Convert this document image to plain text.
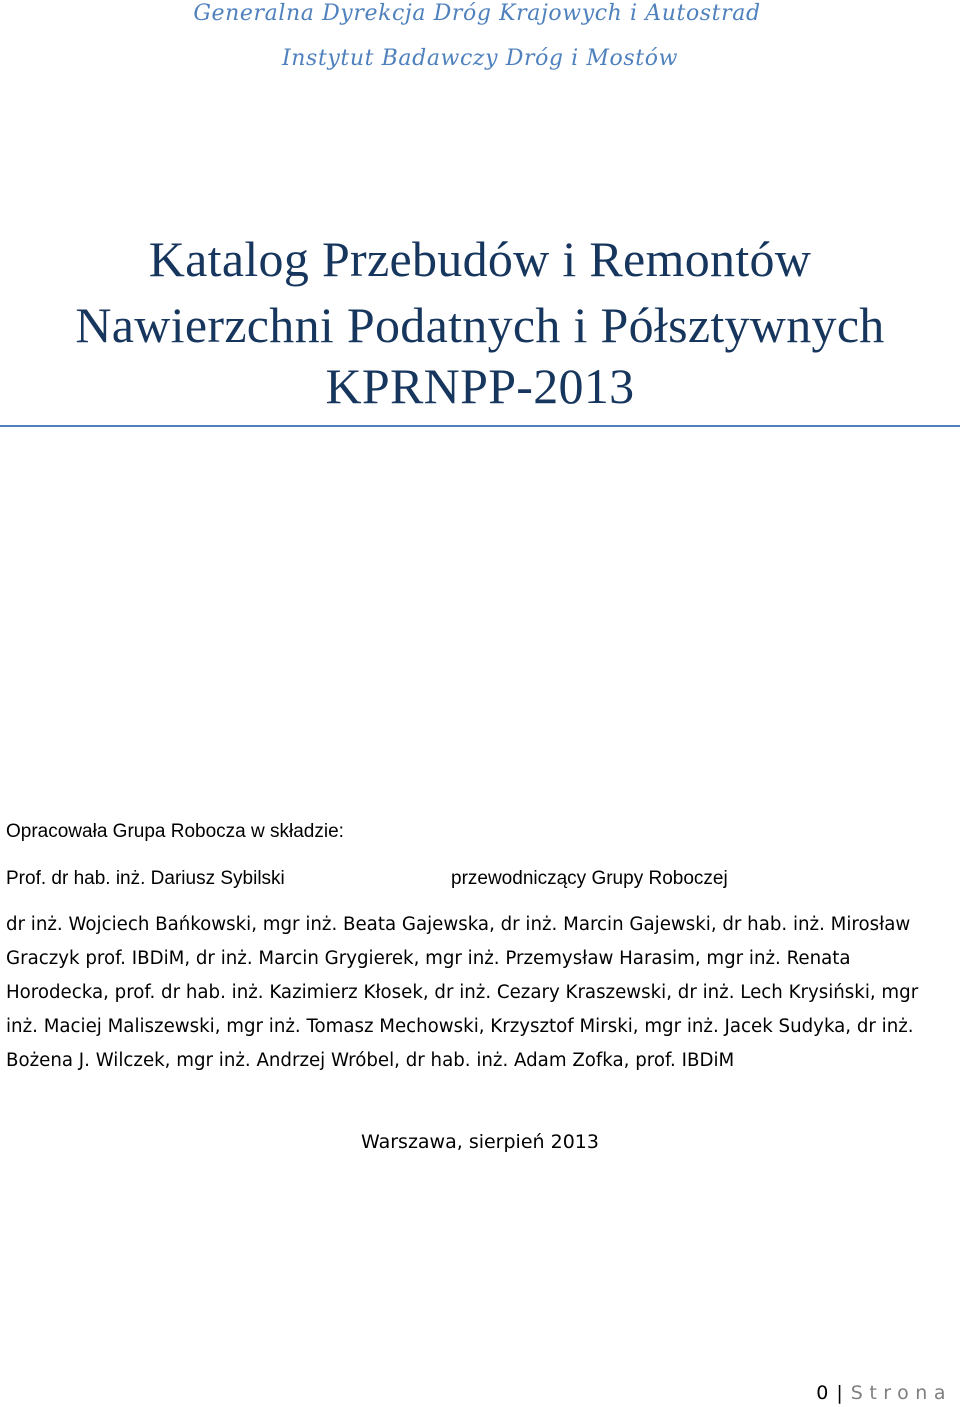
Generalna Dyrekcja Dróg Krajowych i Autostrad
Instytut Badawczy Dróg i Mostów
Katalog Przebudów i Remontów
Nawierzchni Podatnych i Półsztywnych
KPRNPP-2013
Opracowała Grupa Robocza w składzie:
Prof. dr hab. inż. Dariusz Sybilski	przewodniczący Grupy Roboczej
dr inż. Wojciech Bańkowski, mgr inż. Beata Gajewska, dr inż. Marcin Gajewski, dr hab. inż. Mirosław Graczyk prof. IBDiM, dr inż. Marcin Grygierek, mgr inż. Przemysław Harasim, mgr inż. Renata Horodecka, prof. dr hab. inż. Kazimierz Kłosek, dr inż. Cezary Kraszewski, dr inż. Lech Krysiński, mgr inż. Maciej Maliszewski, mgr inż. Tomasz Mechowski, Krzysztof Mirski, mgr inż. Jacek Sudyka, dr inż. Bożena J. Wilczek, mgr inż. Andrzej Wróbel, dr hab. inż. Adam Zofka, prof. IBDiM
Warszawa, sierpień 2013
0 | Strona
